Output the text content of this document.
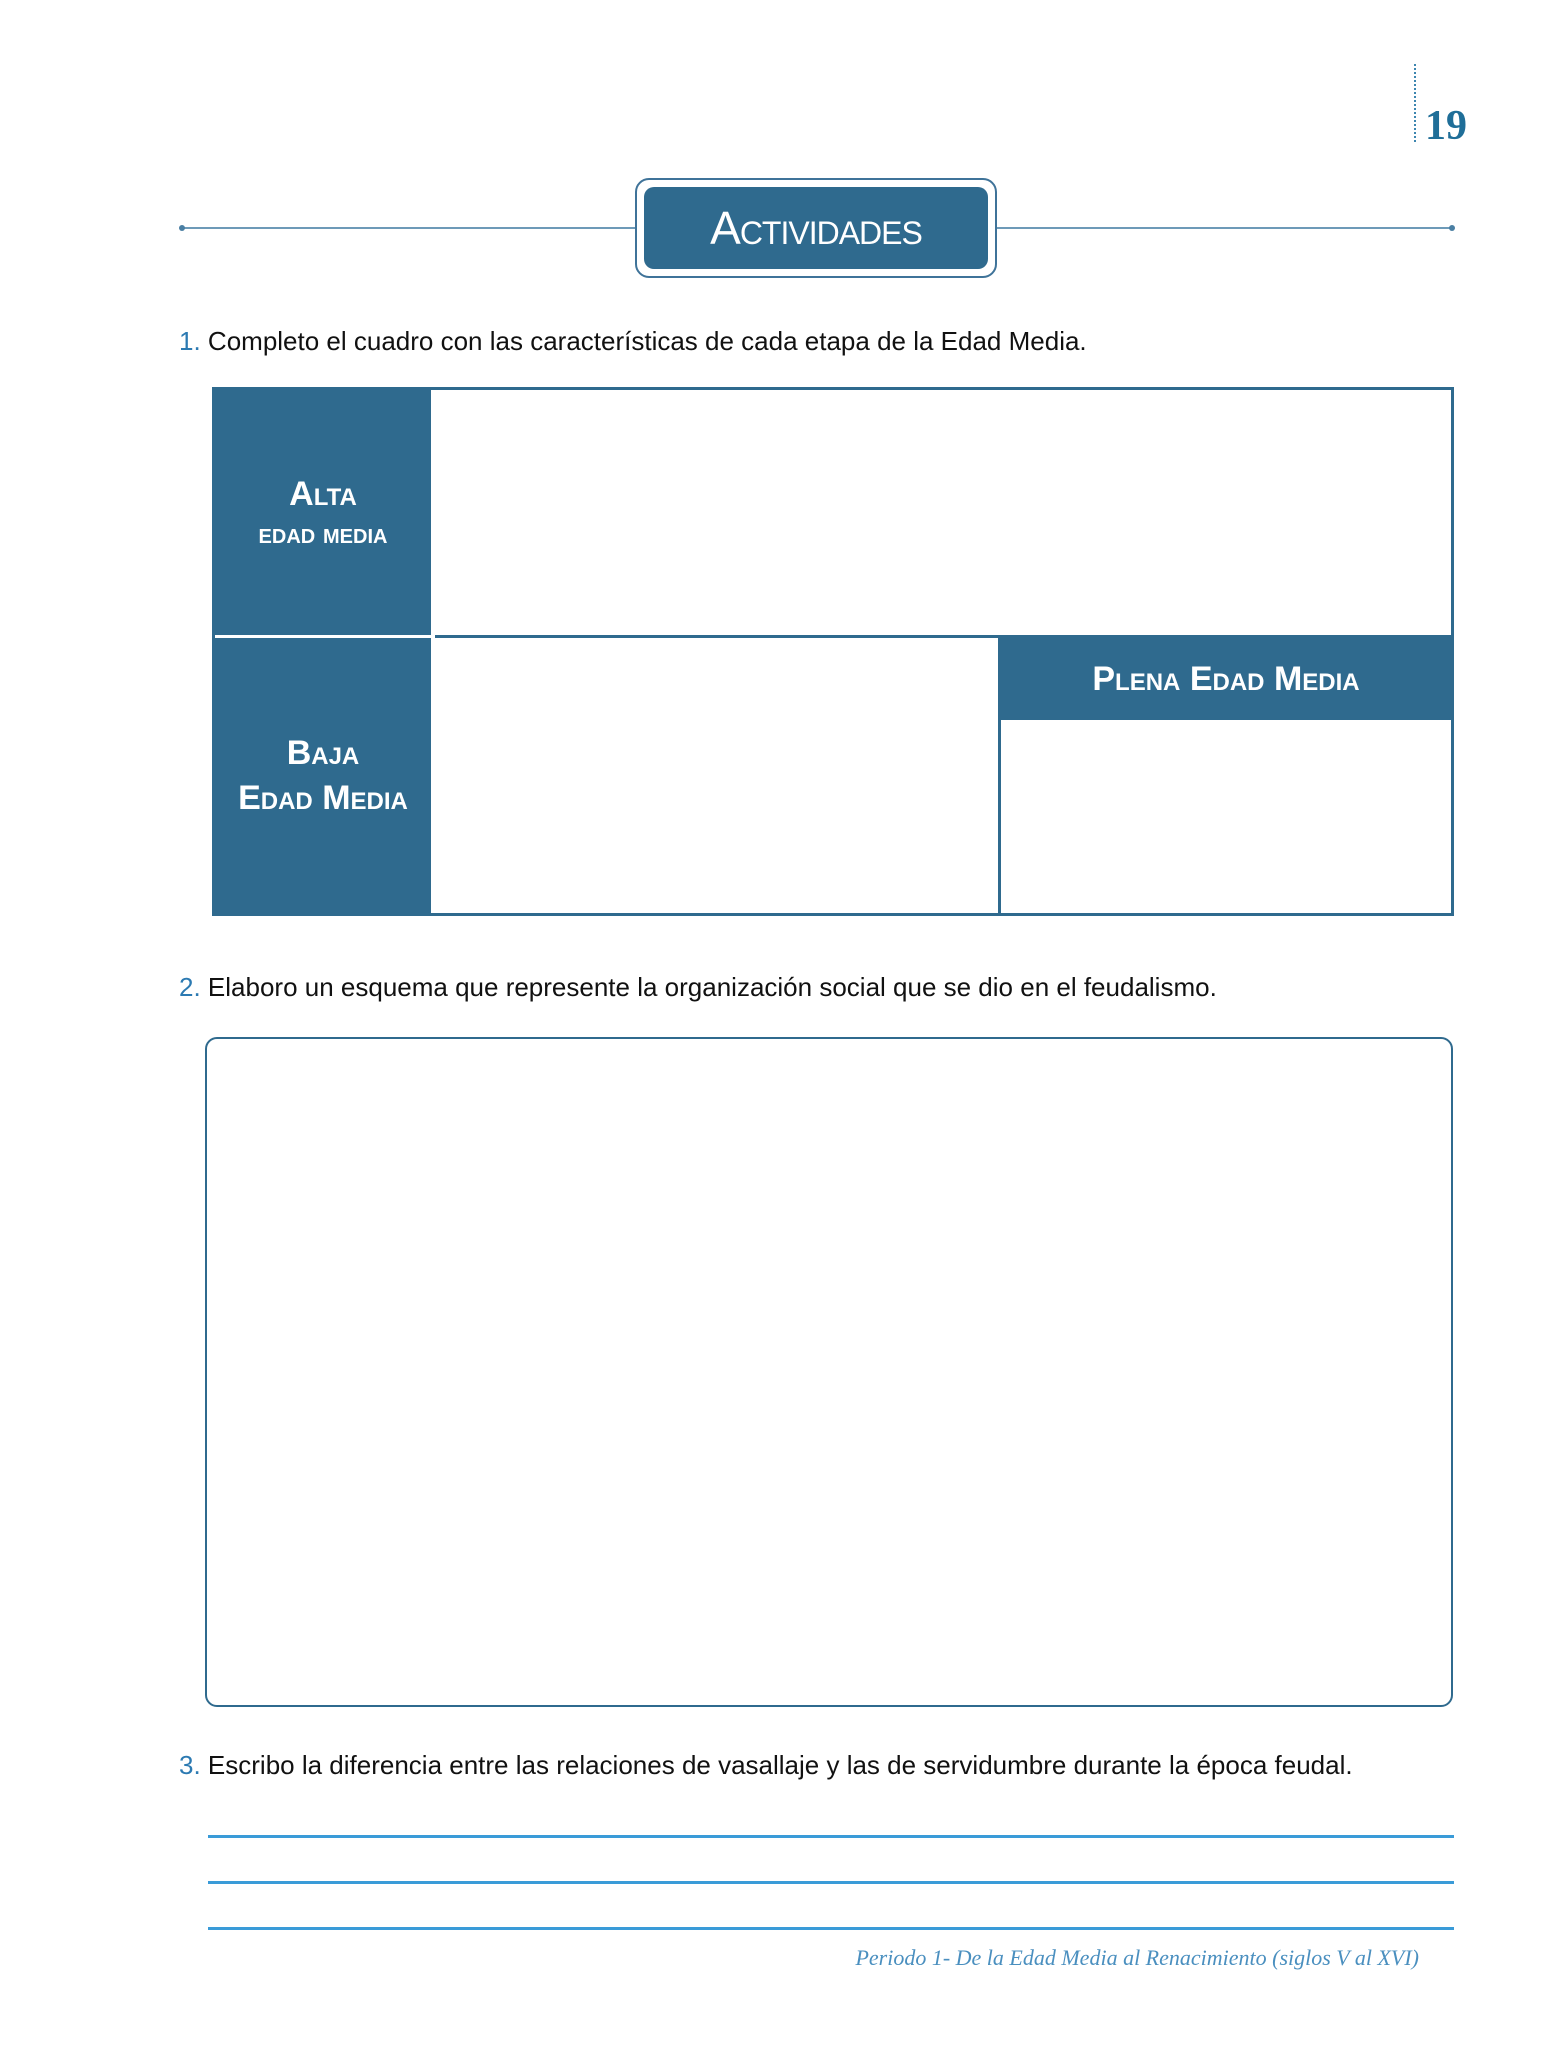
19
Actividades
1. Completo el cuadro con las características de cada etapa de la Edad Media.
Alta
edad media
Baja
Edad Media
Plena Edad Media
2. Elaboro un esquema que represente la organización social que se dio en el feudalismo.
3. Escribo la diferencia entre las relaciones de vasallaje y las de servidumbre durante la época feudal.
Periodo 1- De la Edad Media al Renacimiento (siglos V al XVI)
